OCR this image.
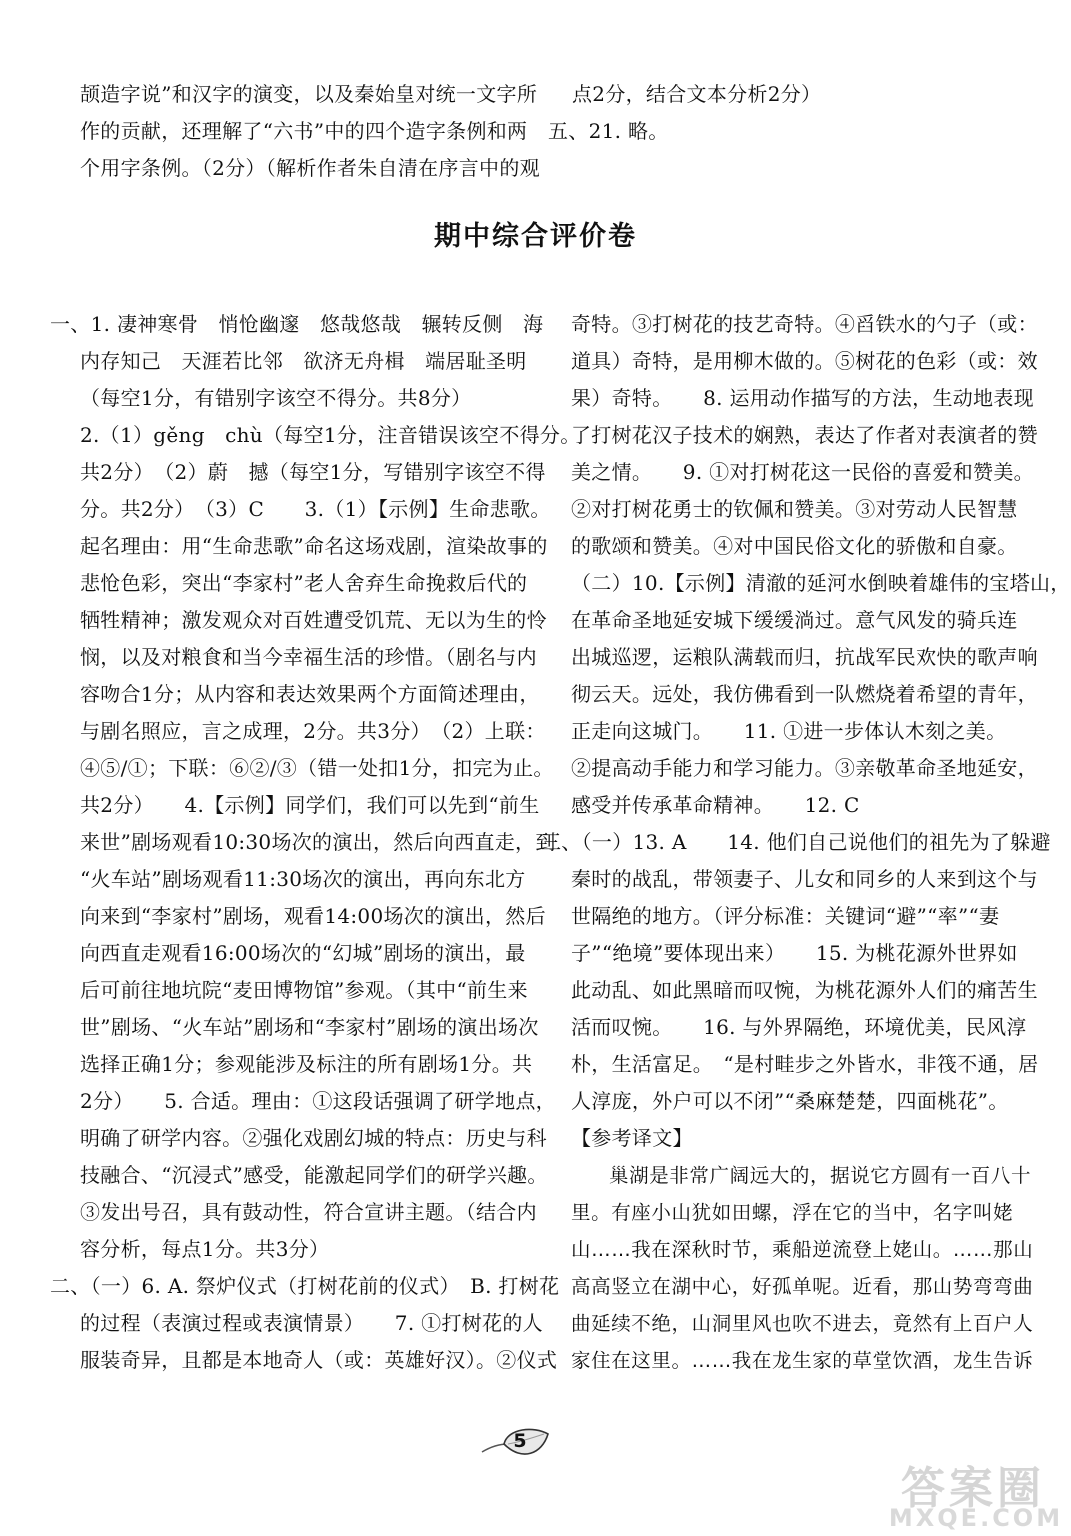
颉造字说”和汉字的演变，以及秦始皇对统一文字所

作的贡献，还理解了“六书”中的四个造字条例和两

个用字条例。（2分）（解析作者朱自清在序言中的观

点2分，结合文本分析2分）

五、21. 略。

期中综合评价卷

一、1. 凄神寒骨　悄怆幽邃　悠哉悠哉　辗转反侧　海

内存知己　天涯若比邻　欲济无舟楫　端居耻圣明

（每空1分，有错别字该空不得分。共8分）

2.（1）gěng　chù（每空1分，注音错误该空不得分。

共2分）　（2）蔚　撼（每空1分，写错别字该空不得

分。共2分）　（3）C　　3.（1）【示例】生命悲歌。

起名理由：用“生命悲歌”命名这场戏剧，渲染故事的

悲怆色彩，突出“李家村”老人舍弃生命挽救后代的

牺牲精神；激发观众对百姓遭受饥荒、无以为生的怜

悯，以及对粮食和当今幸福生活的珍惜。（剧名与内

容吻合1分；从内容和表达效果两个方面简述理由，

与剧名照应，言之成理，2分。共3分）　（2）上联：

④⑤/①；下联：⑥②/③（错一处扣1分，扣完为止。

共2分）　　4.【示例】同学们，我们可以先到“前生

来世”剧场观看10:30场次的演出，然后向西直走，到

“火车站”剧场观看11:30场次的演出，再向东北方

向来到“李家村”剧场，观看14:00场次的演出，然后

向西直走观看16:00场次的“幻城”剧场的演出，最

后可前往地坑院“麦田博物馆”参观。（其中“前生来

世”剧场、“火车站”剧场和“李家村”剧场的演出场次

选择正确1分；参观能涉及标注的所有剧场1分。共

2分）　　5. 合适。理由：①这段话强调了研学地点，

明确了研学内容。②强化戏剧幻城的特点：历史与科

技融合、“沉浸式”感受，能激起同学们的研学兴趣。

③发出号召，具有鼓动性，符合宣讲主题。（结合内

容分析，每点1分。共3分）

二、（一）6. A. 祭炉仪式（打树花前的仪式）　B. 打树花

的过程（表演过程或表演情景）　　7. ①打树花的人

服装奇异，且都是本地奇人（或：英雄好汉）。②仪式

奇特。③打树花的技艺奇特。④舀铁水的勺子（或：

道具）奇特，是用柳木做的。⑤树花的色彩（或：效

果）奇特。　　8. 运用动作描写的方法，生动地表现

了打树花汉子技术的娴熟，表达了作者对表演者的赞

美之情。　　9. ①对打树花这一民俗的喜爱和赞美。

②对打树花勇士的钦佩和赞美。③对劳动人民智慧

的歌颂和赞美。④对中国民俗文化的骄傲和自豪。

（二）10.【示例】清澈的延河水倒映着雄伟的宝塔山，

在革命圣地延安城下缓缓淌过。意气风发的骑兵连

出城巡逻，运粮队满载而归，抗战军民欢快的歌声响

彻云天。远处，我仿佛看到一队燃烧着希望的青年，

正走向这城门。　　11. ①进一步体认木刻之美。

②提高动手能力和学习能力。③亲敬革命圣地延安，

感受并传承革命精神。　　12. C

三、（一）13. A　　14. 他们自己说他们的祖先为了躲避

秦时的战乱，带领妻子、儿女和同乡的人来到这个与

世隔绝的地方。（评分标准：关键词“避”“率”“妻

子”“绝境”要体现出来）　　15. 为桃花源外世界如

此动乱、如此黑暗而叹惋，为桃花源外人们的痛苦生

活而叹惋。　　16. 与外界隔绝，环境优美，民风淳

朴，生活富足。　“是村畦步之外皆水，非筏不通，居

人淳庞，外户可以不闭”“桑麻楚楚，四面桃花”。

【参考译文】

巢湖是非常广阔远大的，据说它方圆有一百八十

里。有座小山犹如田螺，浮在它的当中，名字叫姥

山……我在深秋时节，乘船逆流登上姥山。……那山

高高竖立在湖中心，好孤单呢。近看，那山势弯弯曲

曲延续不绝，山洞里风也吹不进去，竟然有上百户人

家住在这里。……我在龙生家的草堂饮酒，龙生告诉

5
答案圈
MXQE.COM
